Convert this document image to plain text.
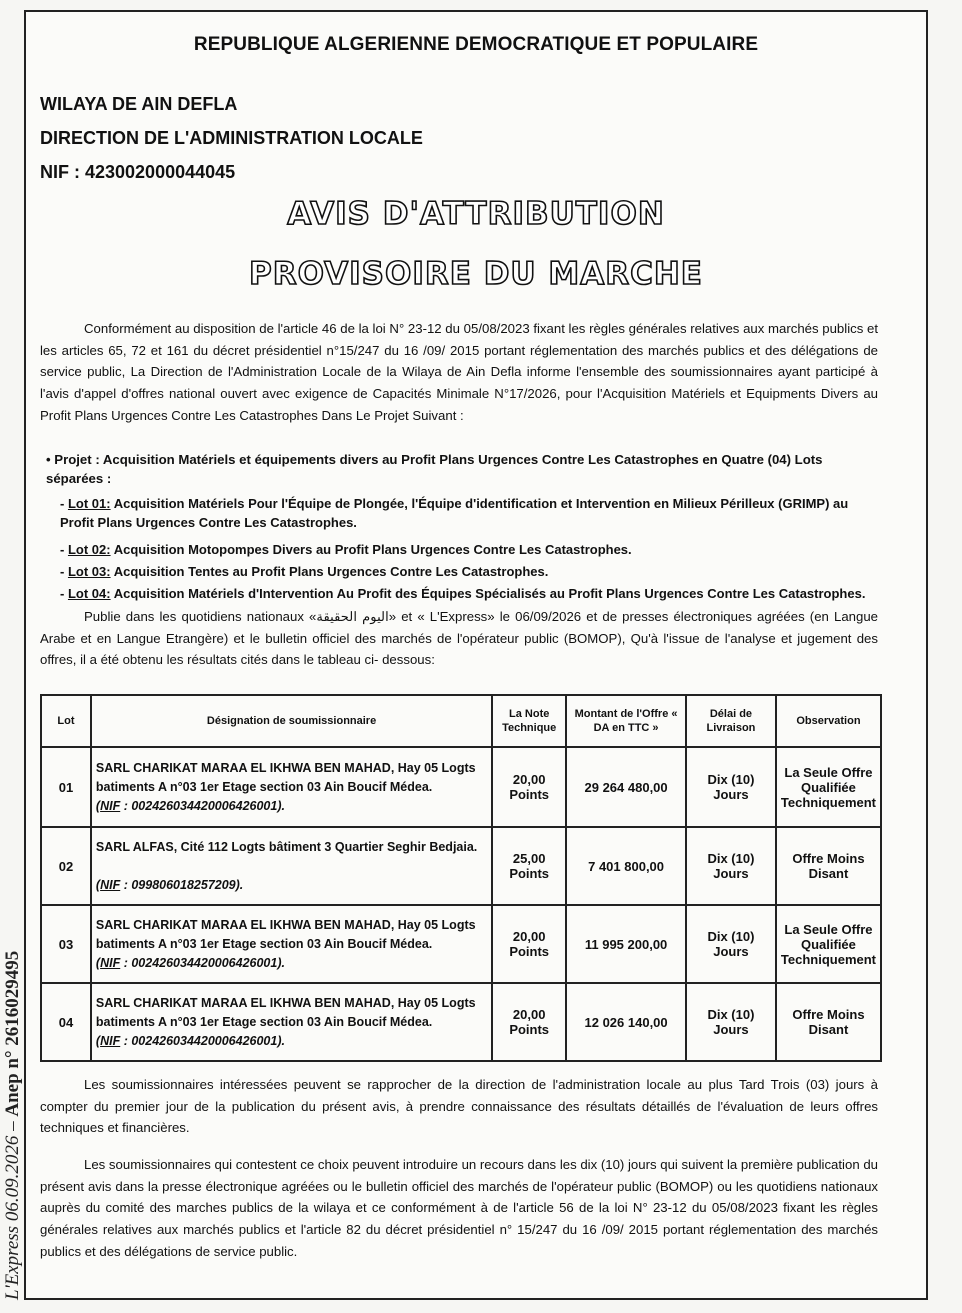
L'Express 06.09.2026 – Anep n° 2616029495
REPUBLIQUE ALGERIENNE DEMOCRATIQUE ET POPULAIRE
WILAYA DE AIN DEFLA
DIRECTION DE L'ADMINISTRATION LOCALE
NIF : 423002000044045
AVIS D'ATTRIBUTION
PROVISOIRE DU MARCHE
Conformément au disposition de l'article 46 de la loi N° 23-12 du 05/08/2023 fixant les règles générales relatives aux marchés publics et les articles 65, 72 et 161 du décret présidentiel n°15/247 du 16 /09/ 2015 portant réglementation des marchés publics et des délégations de service public, La Direction de l'Administration Locale de la Wilaya de Ain Defla informe l'ensemble des soumissionnaires ayant participé à l'avis d'appel d'offres national ouvert avec exigence de Capacités Minimale N°17/2026, pour l'Acquisition Matériels et Equipments Divers au Profit Plans Urgences Contre Les Catastrophes Dans Le Projet Suivant :
• Projet : Acquisition Matériels et équipements divers au Profit Plans Urgences Contre Les Catastrophes en Quatre (04) Lots séparées :
- Lot 01: Acquisition Matériels Pour l'Équipe de Plongée, l'Équipe d'identification et Intervention en Milieux Périlleux (GRIMP) au Profit Plans Urgences Contre Les Catastrophes.
- Lot 02: Acquisition Motopompes Divers au Profit Plans Urgences Contre Les Catastrophes.
- Lot 03: Acquisition Tentes au Profit Plans Urgences Contre Les Catastrophes.
- Lot 04: Acquisition Matériels d'Intervention Au Profit des Équipes Spécialisés au Profit Plans Urgences Contre Les Catastrophes.
Publie dans les quotidiens nationaux «اليوم الحقيقة» et « L'Express» le 06/09/2026 et de presses électroniques agréées (en Langue Arabe et en Langue Etrangère) et le bulletin officiel des marchés de l'opérateur public (BOMOP), Qu'à l'issue de l'analyse et jugement des offres, il a été obtenu les résultats cités dans le tableau ci- dessous:
Lot	Désignation de soumissionnaire	La Note Technique	Montant de l'Offre « DA en TTC »	Délai de Livraison	Observation
01	SARL CHARIKAT MARAA EL IKHWA BEN MAHAD, Hay 05 Logts batiments A n°03 1er Etage section 03 Ain Boucif Médea.
(NIF : 002426034420006426001).	20,00 Points	29 264 480,00	Dix (10) Jours	La Seule Offre Qualifiée Techniquement
02	SARL ALFAS, Cité 112 Logts bâtiment 3 Quartier Seghir Bedjaia.

(NIF : 099806018257209).	25,00 Points	7 401 800,00	Dix (10) Jours	Offre Moins Disant
03	SARL CHARIKAT MARAA EL IKHWA BEN MAHAD, Hay 05 Logts batiments A n°03 1er Etage section 03 Ain Boucif Médea.
(NIF : 002426034420006426001).	20,00 Points	11 995 200,00	Dix (10) Jours	La Seule Offre Qualifiée Techniquement
04	SARL CHARIKAT MARAA EL IKHWA BEN MAHAD, Hay 05 Logts batiments A n°03 1er Etage section 03 Ain Boucif Médea.
(NIF : 002426034420006426001).	20,00 Points	12 026 140,00	Dix (10) Jours	Offre Moins Disant
Les soumissionnaires intéressées peuvent se rapprocher de la direction de l'administration locale au plus Tard Trois (03) jours à compter du premier jour de la publication du présent avis, à prendre connaissance des résultats détaillés de l'évaluation de leurs offres techniques et financières.
Les soumissionnaires qui contestent ce choix peuvent introduire un recours dans les dix (10) jours qui suivent la première publication du présent avis dans la presse électronique agréées ou le bulletin officiel des marchés de l'opérateur public (BOMOP) ou les quotidiens nationaux auprès du comité des marches publics de la wilaya et ce conformément à de l'article 56 de la loi N° 23-12 du 05/08/2023 fixant les règles générales relatives aux marchés publics et l'article 82 du décret présidentiel n° 15/247 du 16 /09/ 2015 portant réglementation des marchés publics et des délégations de service public.
